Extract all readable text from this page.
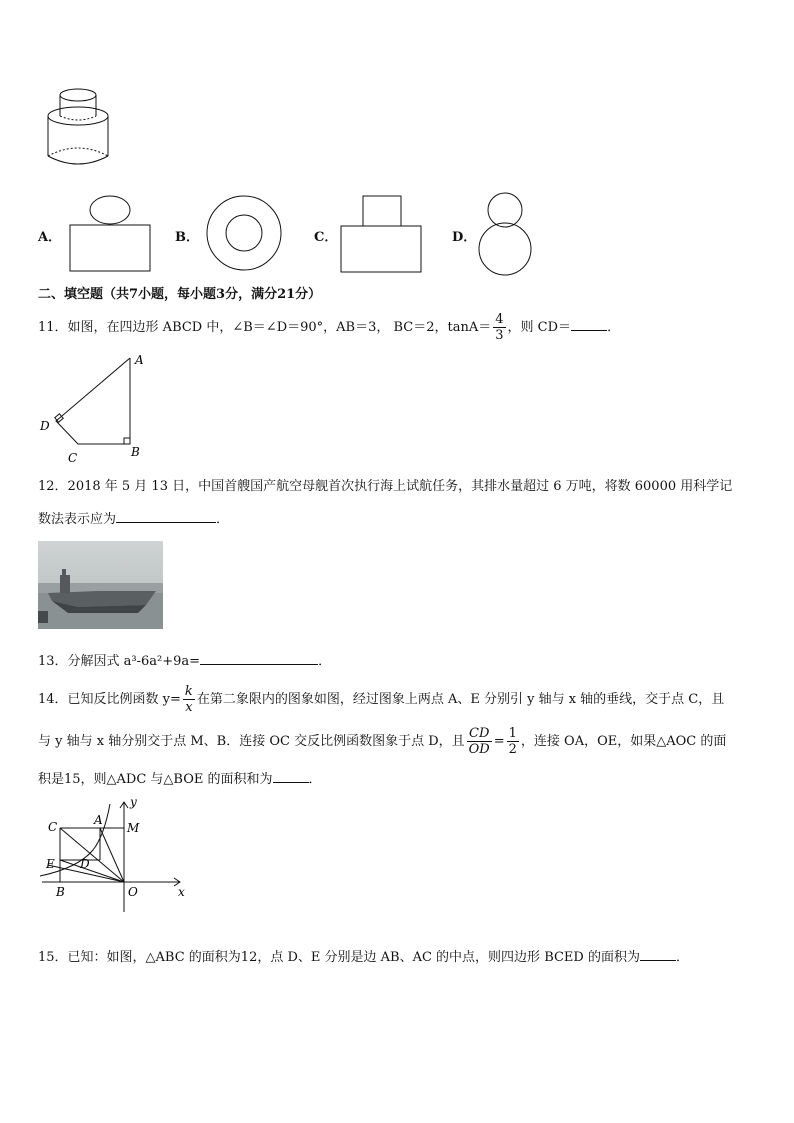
A．	B．	C．	D．
二、填空题（共7小题，每小题3分，满分21分）
11．如图，在四边形 ABCD 中，∠B＝∠D＝90°，AB＝3， BC＝2，$\tan A= \frac{4}{3}$ ，则 CD＝	．
A
B
C
D
12．2018 年 5 月 13 日，中国首艘国产航空母舰首次执行海上试航任务，其排水量超过 6 万吨，将数 60000 用科学记
数法表示应为	．
13．分解因式 a³-6a²+9a=	．
14．已知反比例函数 $y= \frac{k}{x}$ 在第二象限内的图象如图，经过图象上两点 A、E 分别引 y 轴与 x 轴的垂线，交于点 C，且
与 y 轴与 x 轴分别交于点 M、B．连接 OC 交反比例函数图象于点 D，且 $\frac{CD}{OD} = \frac{1}{2}$ ，连接 OA，OE，如果△AOC 的面
积是15，则△ADC 与△BOE 的面积和为	．
y
x
C	A
M
E D
B	O
15．已知：如图，△ABC 的面积为12，点 D、E 分别是边 AB、AC 的中点，则四边形 BCED 的面积为	．
